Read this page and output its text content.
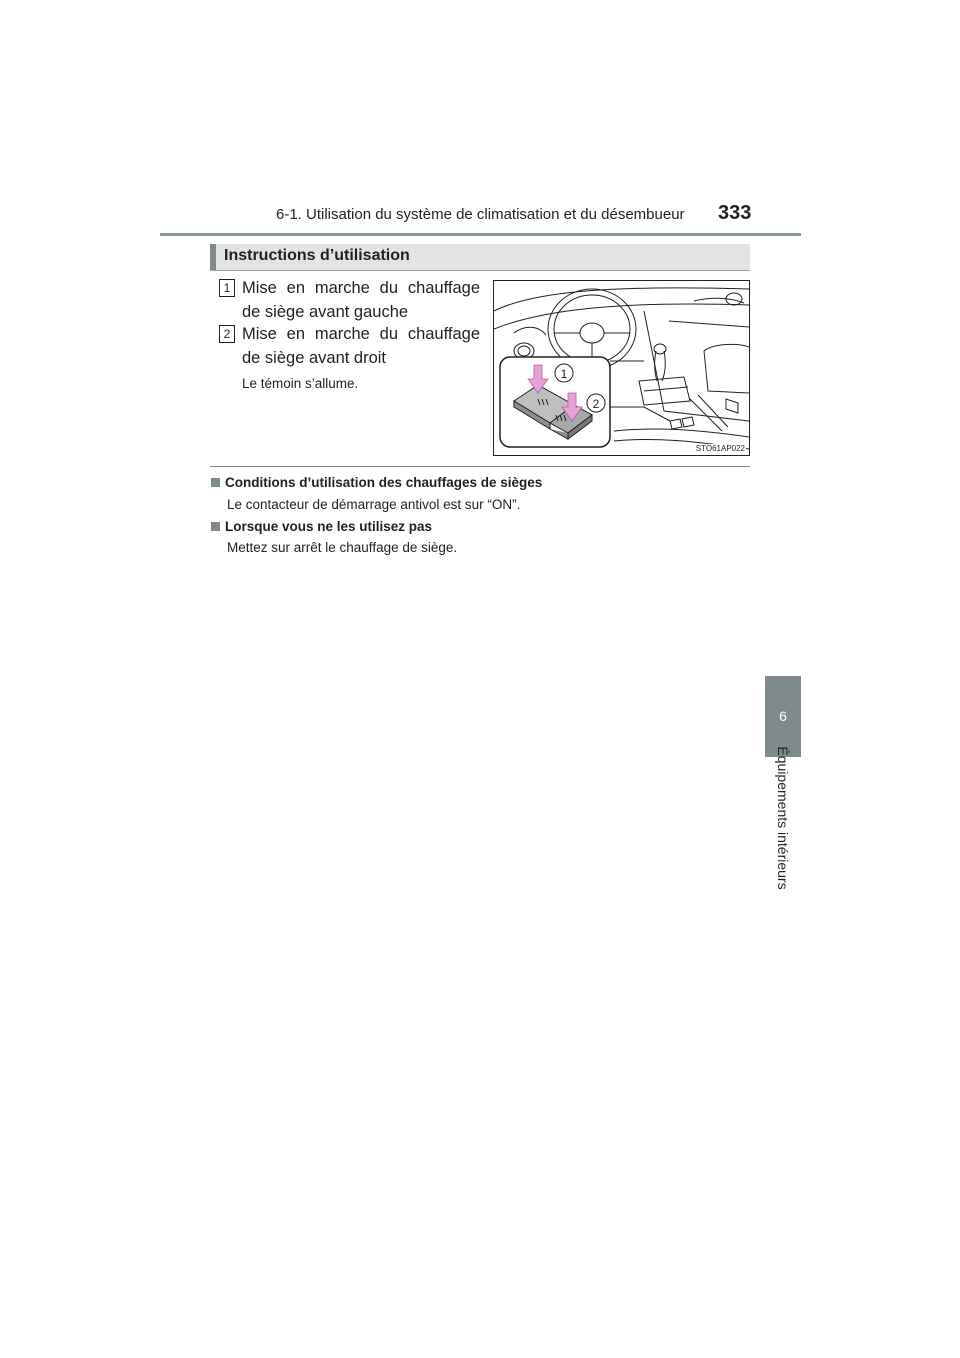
6-1. Utilisation du système de climatisation et du désembueur 333
6
Équipements intérieurs
Instructions d’utilisation
1 Mise en marche du chauffage de siège avant gauche
2 Mise en marche du chauffage de siège avant droit
Le témoin s’allume.
1
2
STO61AP022
Conditions d’utilisation des chauffages de sièges
Le contacteur de démarrage antivol est sur “ON”.
Lorsque vous ne les utilisez pas
Mettez sur arrêt le chauffage de siège.
